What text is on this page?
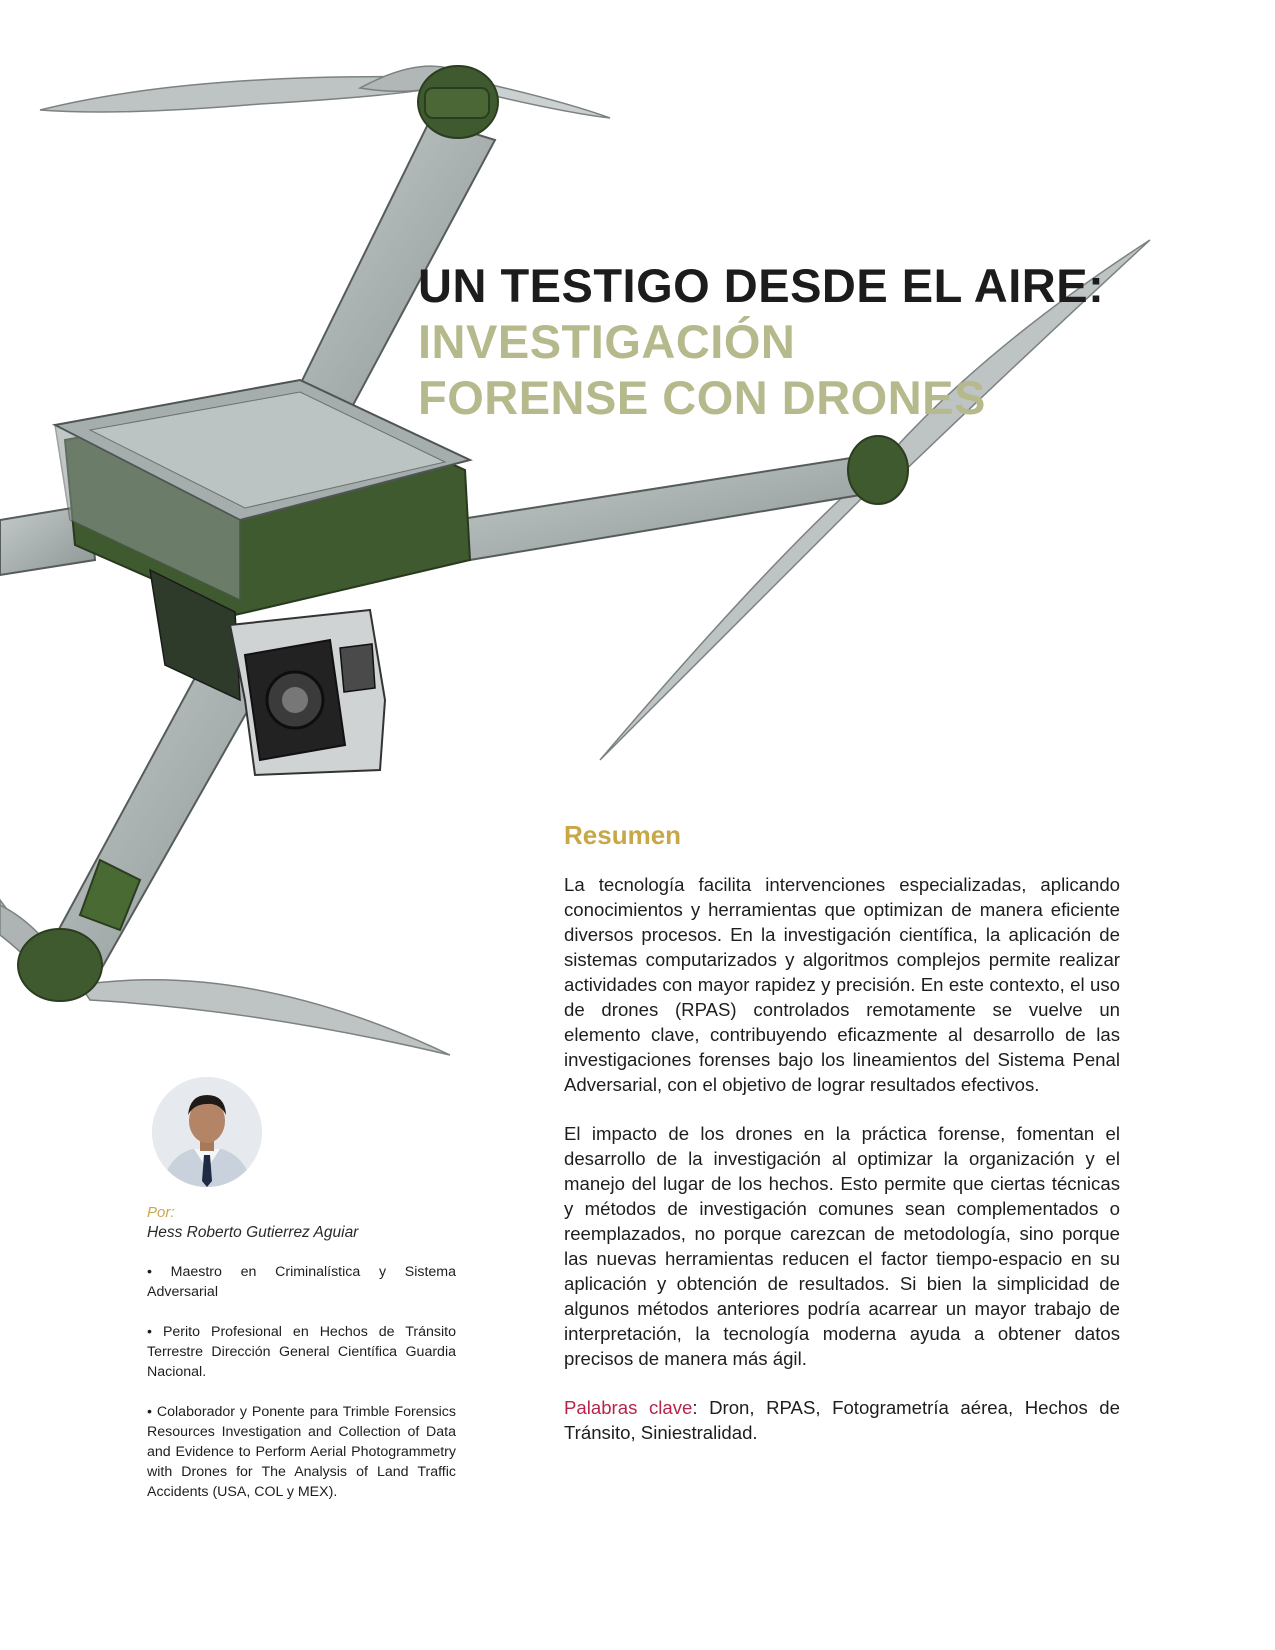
UN TESTIGO DESDE EL AIRE:
INVESTIGACIÓN FORENSE CON DRONES
Resumen

La tecnología facilita intervenciones especializadas, aplicando conocimientos y herramientas que optimizan de manera eficiente diversos procesos. En la investigación científica, la aplicación de sistemas computarizados y algoritmos complejos permite realizar actividades con mayor rapidez y precisión. En este contexto, el uso de drones (RPAS) controlados remotamente se vuelve un elemento clave, contribuyendo eficazmente al desarrollo de las investigaciones forenses bajo los lineamientos del Sistema Penal Adversarial, con el objetivo de lograr resultados efectivos.

El impacto de los drones en la práctica forense, fomentan el desarrollo de la investigación al optimizar la organización y el manejo del lugar de los hechos. Esto permite que ciertas técnicas y métodos de investigación comunes sean complementados o reemplazados, no porque carezcan de metodología, sino porque las nuevas herramientas reducen el factor tiempo-espacio en su aplicación y obtención de resultados. Si bien la simplicidad de algunos métodos anteriores podría acarrear un mayor trabajo de interpretación, la tecnología moderna ayuda a obtener datos precisos de manera más ágil.

Palabras clave: Dron, RPAS, Fotogrametría aérea, Hechos de Tránsito, Siniestralidad.

Por:
Hess Roberto Gutierrez Aguiar

• Maestro en Criminalística y Sistema Adversarial

• Perito Profesional en Hechos de Tránsito Terrestre Dirección General Científica Guardia Nacional.

• Colaborador y Ponente para Trimble Forensics Resources Investigation and Collection of Data and Evidence to Perform Aerial Photogrammetry with Drones for The Analysis of Land Traffic Accidents (USA, COL y MEX).
